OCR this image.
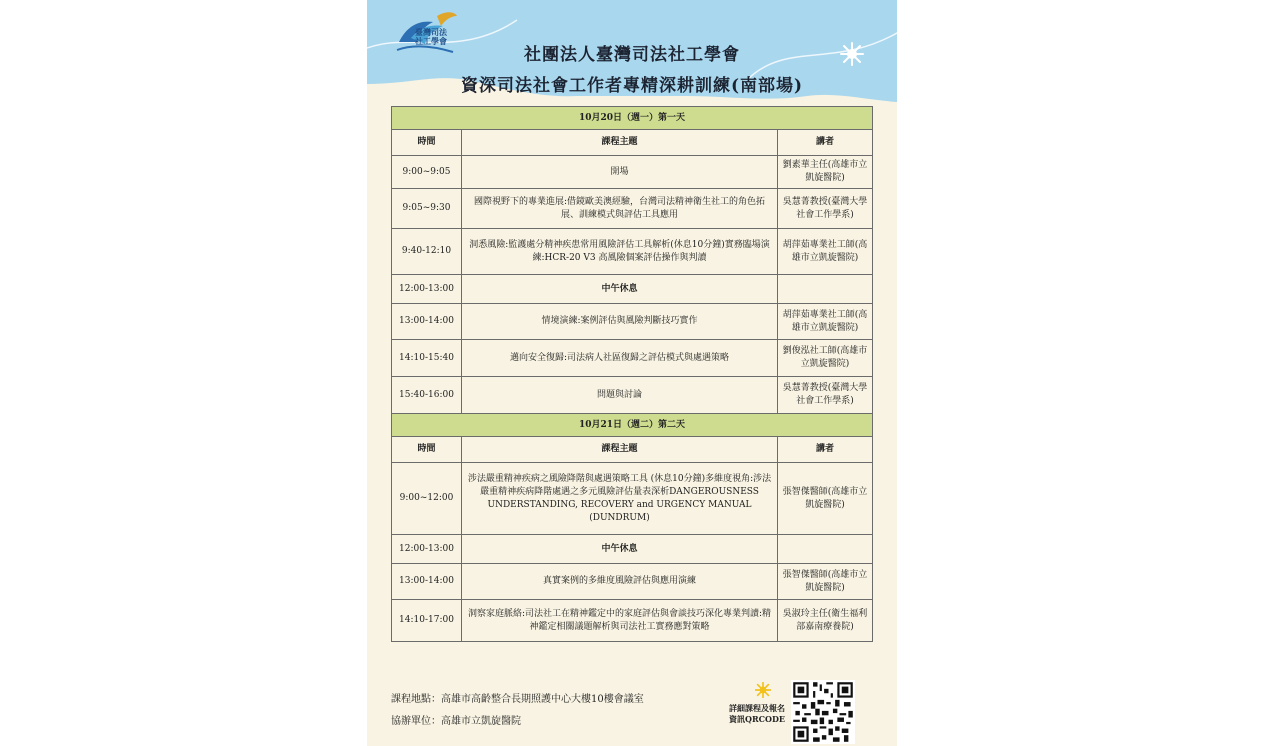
臺灣司法
社工學會
社團法人臺灣司法社工學會
資深司法社會工作者專精深耕訓練(南部場)
10月20日（週一）第一天		
時間	課程主題	講者
9:00~9:05	開場	劉素華主任(高雄市立凱旋醫院)
9:05~9:30	國際視野下的專業進展:借鏡歐美澳經驗，台灣司法精神衛生社工的角色拓展、訓練模式與評估工具應用	吳慧菁教授(臺灣大學社會工作學系)
9:40-12:10	洞悉風險:監護處分精神疾患常用風險評估工具解析(休息10分鐘)實務臨場演練:HCR-20 V3 高風險個案評估操作與判讀	胡萍茹專業社工師(高雄市立凱旋醫院)
12:00-13:00	中午休息	
13:00-14:00	情境演練:案例評估與風險判斷技巧實作	胡萍茹專業社工師(高雄市立凱旋醫院)
14:10-15:40	邁向安全復歸:司法病人社區復歸之評估模式與處遇策略	劉俊泓社工師(高雄市立凱旋醫院)
15:40-16:00	問題與討論	吳慧菁教授(臺灣大學社會工作學系)
10月21日（週二）第二天		
時間	課程主題	講者
9:00~12:00	涉法嚴重精神疾病之風險降階與處遇策略工具 (休息10分鐘)多維度視角:涉法嚴重精神疾病降階處遇之多元風險評估量表深析DANGEROUSNESS UNDERSTANDING, RECOVERY and URGENCY MANUAL (DUNDRUM)	張智傑醫師(高雄市立凱旋醫院)
12:00-13:00	中午休息	
13:00-14:00	真實案例的多維度風險評估與應用演練	張智傑醫師(高雄市立凱旋醫院)
14:10-17:00	洞察家庭脈絡:司法社工在精神鑑定中的家庭評估與會談技巧深化專業判讀:精神鑑定相關議題解析與司法社工實務應對策略	吳淑玲主任(衛生福利部嘉南療養院)
課程地點：高雄市高齡整合長期照護中心大樓10樓會議室
協辦單位：高雄市立凱旋醫院
詳細課程及報名資訊QRCODE
